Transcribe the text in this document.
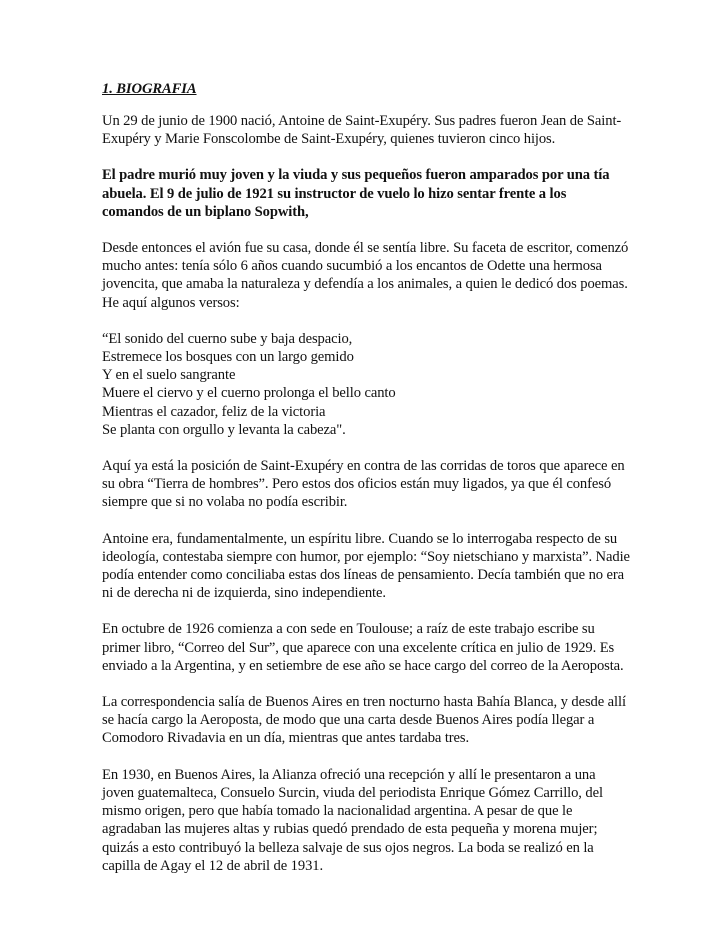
1. BIOGRAFIA
Un 29 de junio de 1900 nació, Antoine de Saint-Exupéry. Sus padres fueron Jean de Saint-
Exupéry y Marie Fonscolombe de Saint-Exupéry, quienes tuvieron cinco hijos.
El padre murió muy joven y la viuda y sus pequeños fueron amparados por una tía
abuela. El 9 de julio de 1921 su instructor de vuelo lo hizo sentar frente a los
comandos de un biplano Sopwith,
Desde entonces el avión fue su casa, donde él se sentía libre. Su faceta de escritor, comenzó
mucho antes: tenía sólo 6 años cuando sucumbió a los encantos de Odette una hermosa
jovencita, que amaba la naturaleza y defendía a los animales, a quien le dedicó dos poemas.
He aquí algunos versos:
“El sonido del cuerno sube y baja despacio,
Estremece los bosques con un largo gemido
Y en el suelo sangrante
Muere el ciervo y el cuerno prolonga el bello canto
Mientras el cazador, feliz de la victoria
Se planta con orgullo y levanta la cabeza".
Aquí ya está la posición de Saint-Exupéry en contra de las corridas de toros que aparece en
su obra “Tierra de hombres”. Pero estos dos oficios están muy ligados, ya que él confesó
siempre que si no volaba no podía escribir.
Antoine era, fundamentalmente, un espíritu libre. Cuando se lo interrogaba respecto de su
ideología, contestaba siempre con humor, por ejemplo: “Soy nietschiano y marxista”. Nadie
podía entender como conciliaba estas dos líneas de pensamiento. Decía también que no era
ni de derecha ni de izquierda, sino independiente.
En octubre de 1926 comienza a con sede en Toulouse; a raíz de este trabajo escribe su
primer libro, “Correo del Sur”, que aparece con una excelente crítica en julio de 1929. Es
enviado a la Argentina, y en setiembre de ese año se hace cargo del correo de la Aeroposta.
La correspondencia salía de Buenos Aires en tren nocturno hasta Bahía Blanca, y desde allí
se hacía cargo la Aeroposta, de modo que una carta desde Buenos Aires podía llegar a
Comodoro Rivadavia en un día, mientras que antes tardaba tres.
En 1930, en Buenos Aires, la Alianza ofreció una recepción y allí le presentaron a una
joven guatemalteca, Consuelo Surcin, viuda del periodista Enrique Gómez Carrillo, del
mismo origen, pero que había tomado la nacionalidad argentina. A pesar de que le
agradaban las mujeres altas y rubias quedó prendado de esta pequeña y morena mujer;
quizás a esto contribuyó la belleza salvaje de sus ojos negros. La boda se realizó en la
capilla de Agay el 12 de abril de 1931.
